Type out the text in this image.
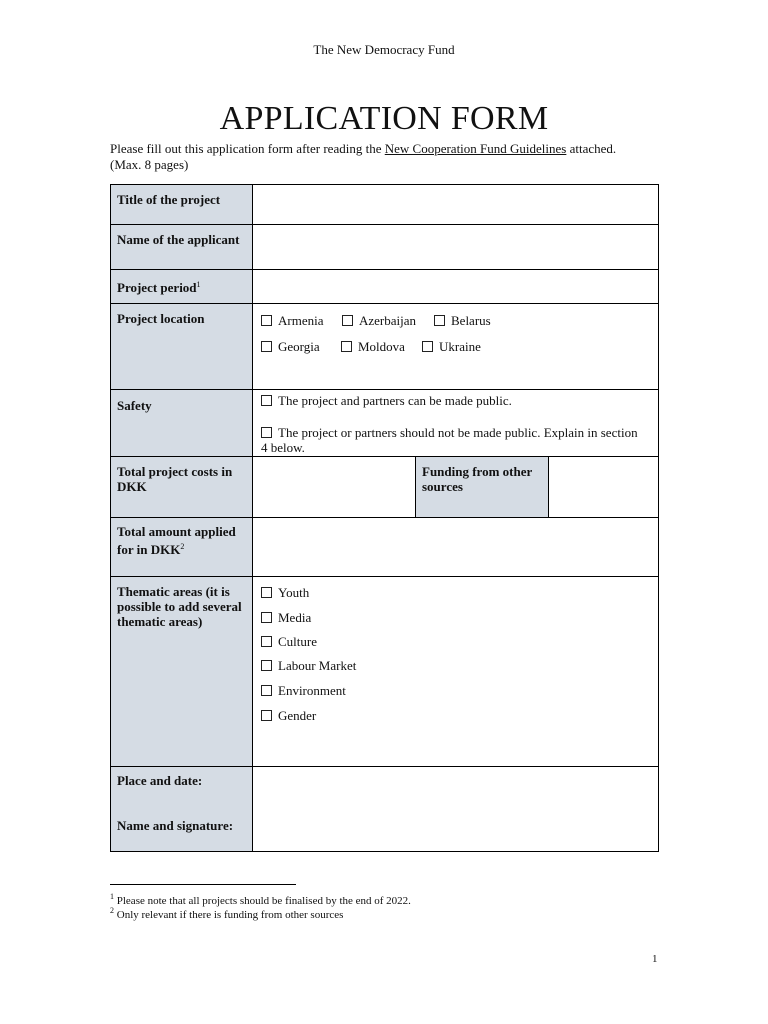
The New Democracy Fund
APPLICATION FORM
Please fill out this application form after reading the New Cooperation Fund Guidelines attached.
(Max. 8 pages)
Title of the project
Name of the applicant
Project period$^1$
Project location	Armenia	Azerbaijan	Belarus
Georgia	Moldova	Ukraine
Safety	The project and partners can be made public.
The project or partners should not be made public. Explain in section 4 below.
Total project costs in DKK
Funding from other sources
Total amount applied for in DKK$^2$
Thematic areas (it is possible to add several thematic areas)
Youth
Media
Culture
Labour Market
Environment
Gender
Place and date:
Name and signature:
$^1$ Please note that all projects should be finalised by the end of 2022.
$^2$ Only relevant if there is funding from other sources
1
